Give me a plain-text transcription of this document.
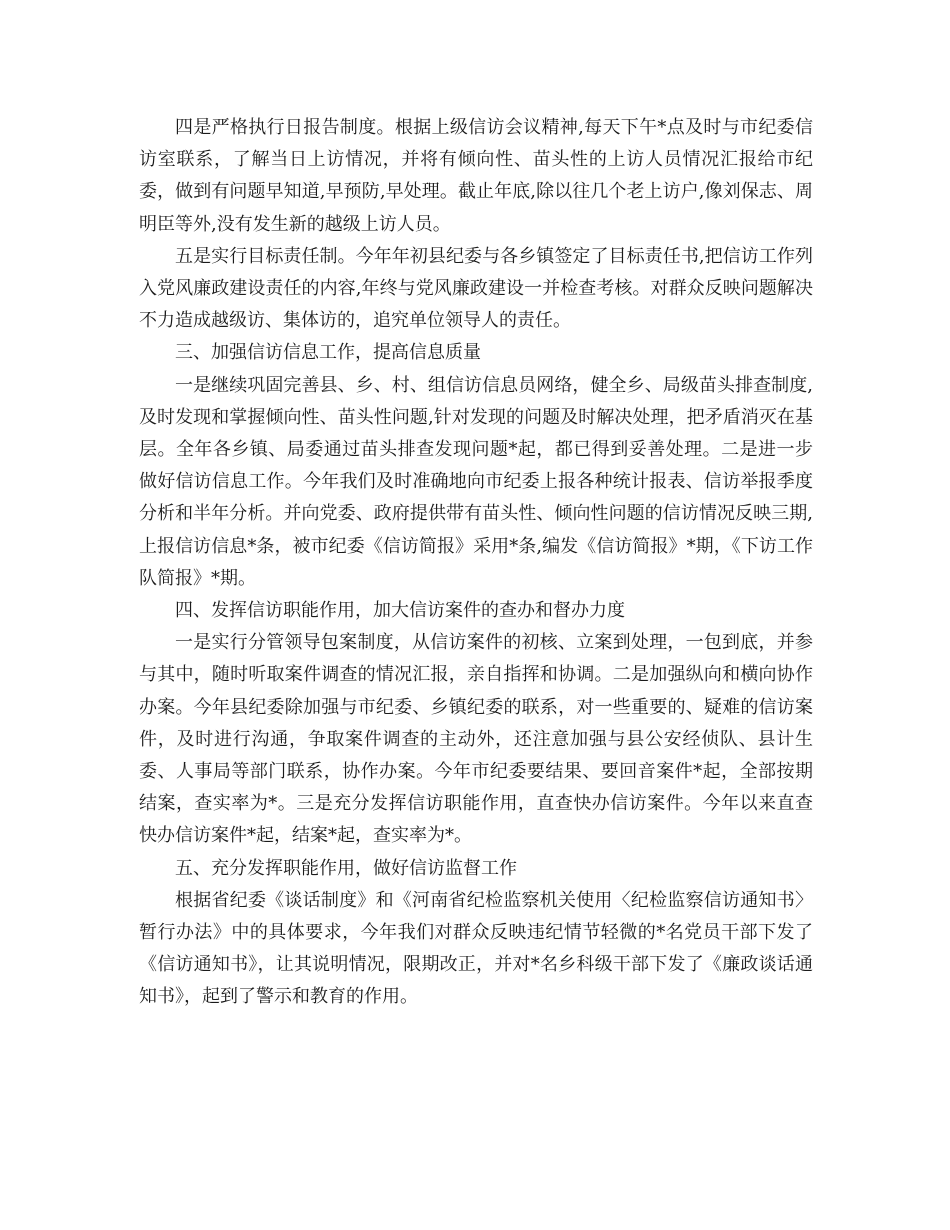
四是严格执行日报告制度。根据上级信访会议精神,每天下午*点及时与市纪委信访室联系，了解当日上访情况，并将有倾向性、苗头性的上访人员情况汇报给市纪委，做到有问题早知道,早预防,早处理。截止年底,除以往几个老上访户,像刘保志、周明臣等外,没有发生新的越级上访人员。

五是实行目标责任制。今年年初县纪委与各乡镇签定了目标责任书,把信访工作列入党风廉政建设责任的内容,年终与党风廉政建设一并检查考核。对群众反映问题解决不力造成越级访、集体访的，追究单位领导人的责任。

三、加强信访信息工作，提高信息质量

一是继续巩固完善县、乡、村、组信访信息员网络，健全乡、局级苗头排查制度,及时发现和掌握倾向性、苗头性问题,针对发现的问题及时解决处理，把矛盾消灭在基层。全年各乡镇、局委通过苗头排查发现问题*起，都已得到妥善处理。二是进一步做好信访信息工作。今年我们及时准确地向市纪委上报各种统计报表、信访举报季度分析和半年分析。并向党委、政府提供带有苗头性、倾向性问题的信访情况反映三期,上报信访信息*条，被市纪委《信访简报》采用*条,编发《信访简报》*期，《下访工作队简报》*期。

四、发挥信访职能作用，加大信访案件的查办和督办力度

一是实行分管领导包案制度，从信访案件的初核、立案到处理，一包到底，并参与其中，随时听取案件调查的情况汇报，亲自指挥和协调。二是加强纵向和横向协作办案。今年县纪委除加强与市纪委、乡镇纪委的联系，对一些重要的、疑难的信访案件，及时进行沟通，争取案件调查的主动外，还注意加强与县公安经侦队、县计生委、人事局等部门联系，协作办案。今年市纪委要结果、要回音案件*起，全部按期结案，查实率为*。三是充分发挥信访职能作用，直查快办信访案件。今年以来直查快办信访案件*起，结案*起，查实率为*。

五、充分发挥职能作用，做好信访监督工作

根据省纪委《谈话制度》和《河南省纪检监察机关使用〈纪检监察信访通知书〉暂行办法》中的具体要求，今年我们对群众反映违纪情节轻微的*名党员干部下发了《信访通知书》，让其说明情况，限期改正，并对*名乡科级干部下发了《廉政谈话通知书》，起到了警示和教育的作用。
